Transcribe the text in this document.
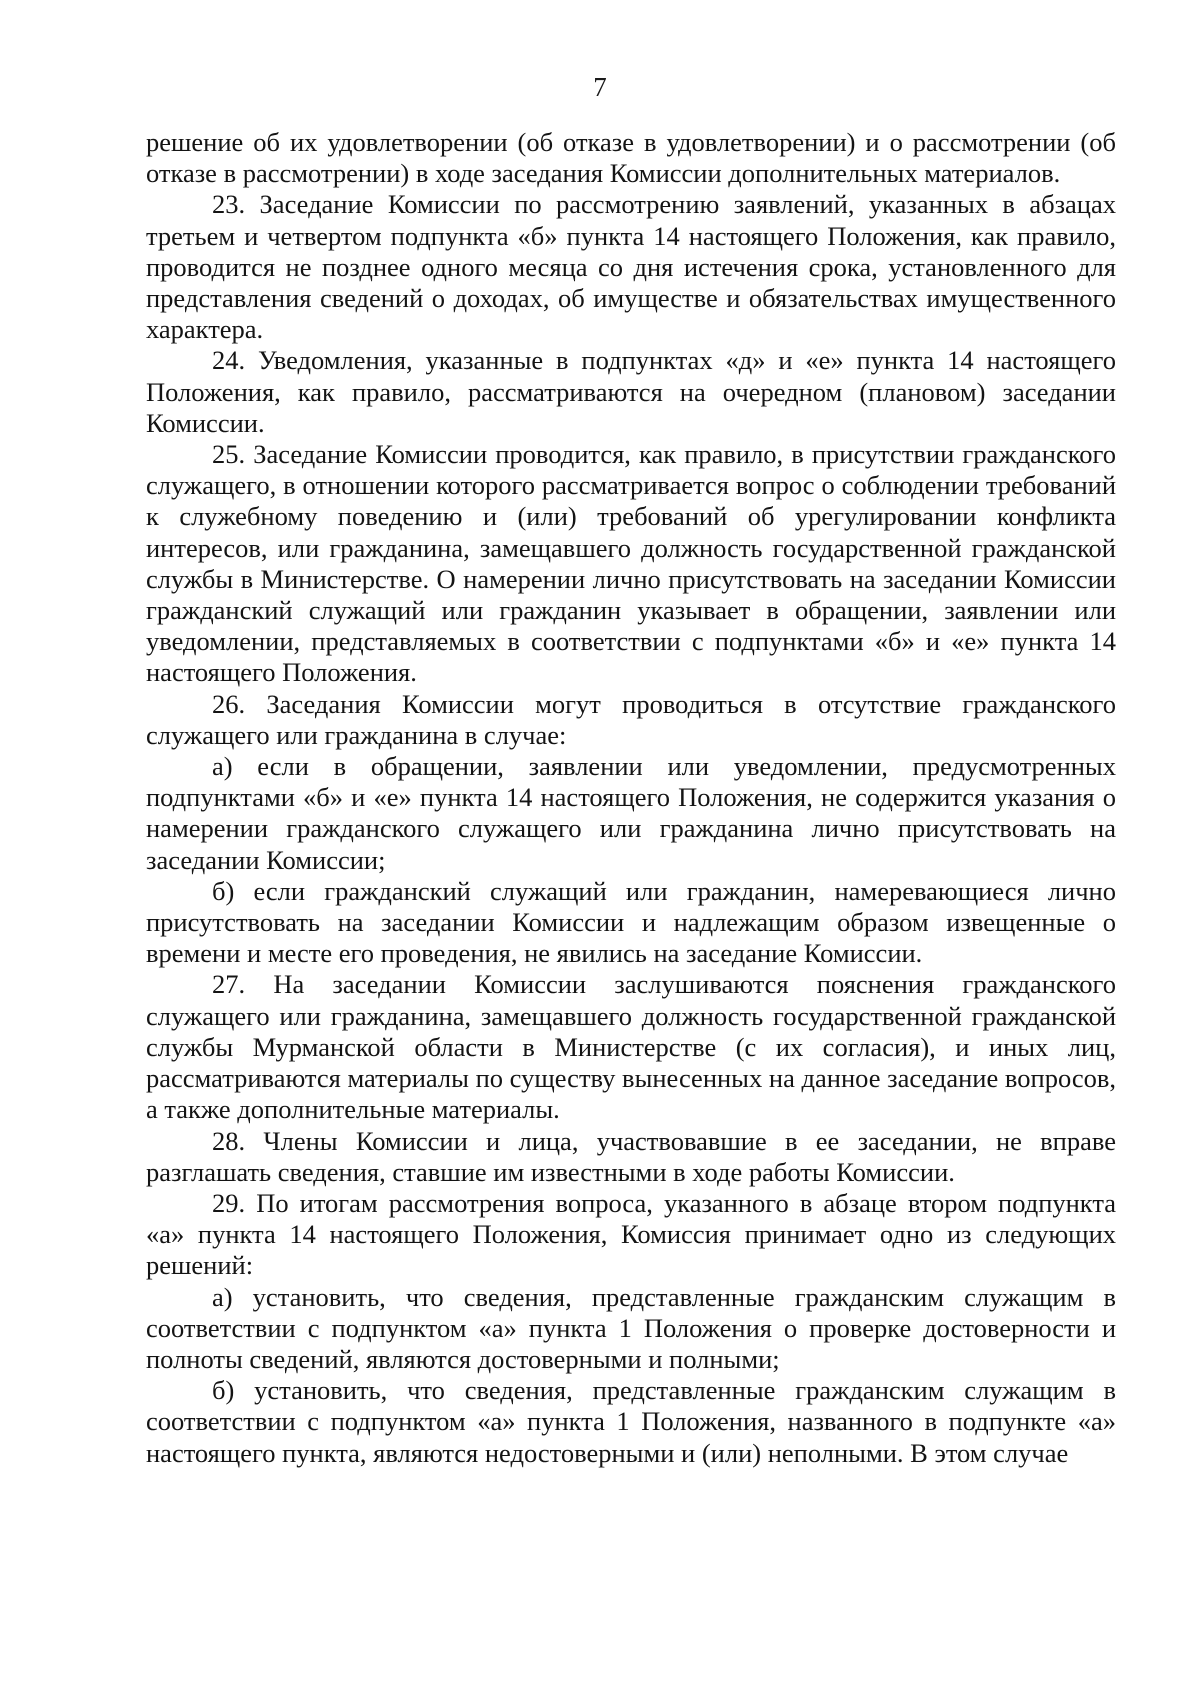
7

решение об их удовлетворении (об отказе в удовлетворении) и о рассмотрении (об отказе в рассмотрении) в ходе заседания Комиссии дополнительных материалов.

23. Заседание Комиссии по рассмотрению заявлений, указанных в абзацах третьем и четвертом подпункта «б» пункта 14 настоящего Положения, как правило, проводится не позднее одного месяца со дня истечения срока, установленного для представления сведений о доходах, об имуществе и обязательствах имущественного характера.

24. Уведомления, указанные в подпунктах «д» и «е» пункта 14 настоящего Положения, как правило, рассматриваются на очередном (плановом) заседании Комиссии.

25. Заседание Комиссии проводится, как правило, в присутствии гражданского служащего, в отношении которого рассматривается вопрос о соблюдении требований к служебному поведению и (или) требований об урегулировании конфликта интересов, или гражданина, замещавшего должность государственной гражданской службы в Министерстве. О намерении лично присутствовать на заседании Комиссии гражданский служащий или гражданин указывает в обращении, заявлении или уведомлении, представляемых в соответствии с подпунктами «б» и «е» пункта 14 настоящего Положения.

26. Заседания Комиссии могут проводиться в отсутствие гражданского служащего или гражданина в случае:

а) если в обращении, заявлении или уведомлении, предусмотренных подпунктами «б» и «е» пункта 14 настоящего Положения, не содержится указания о намерении гражданского служащего или гражданина лично присутствовать на заседании Комиссии;

б) если гражданский служащий или гражданин, намеревающиеся лично присутствовать на заседании Комиссии и надлежащим образом извещенные о времени и месте его проведения, не явились на заседание Комиссии.

27. На заседании Комиссии заслушиваются пояснения гражданского служащего или гражданина, замещавшего должность государственной гражданской службы Мурманской области в Министерстве (с их согласия), и иных лиц, рассматриваются материалы по существу вынесенных на данное заседание вопросов, а также дополнительные материалы.

28. Члены Комиссии и лица, участвовавшие в ее заседании, не вправе разглашать сведения, ставшие им известными в ходе работы Комиссии.

29. По итогам рассмотрения вопроса, указанного в абзаце втором подпункта «а» пункта 14 настоящего Положения, Комиссия принимает одно из следующих решений:

а) установить, что сведения, представленные гражданским служащим в соответствии с подпунктом «а» пункта 1 Положения о проверке достоверности и полноты сведений, являются достоверными и полными;

б) установить, что сведения, представленные гражданским служащим в соответствии с подпунктом «а» пункта 1 Положения, названного в подпункте «а» настоящего пункта, являются недостоверными и (или) неполными. В этом случае
